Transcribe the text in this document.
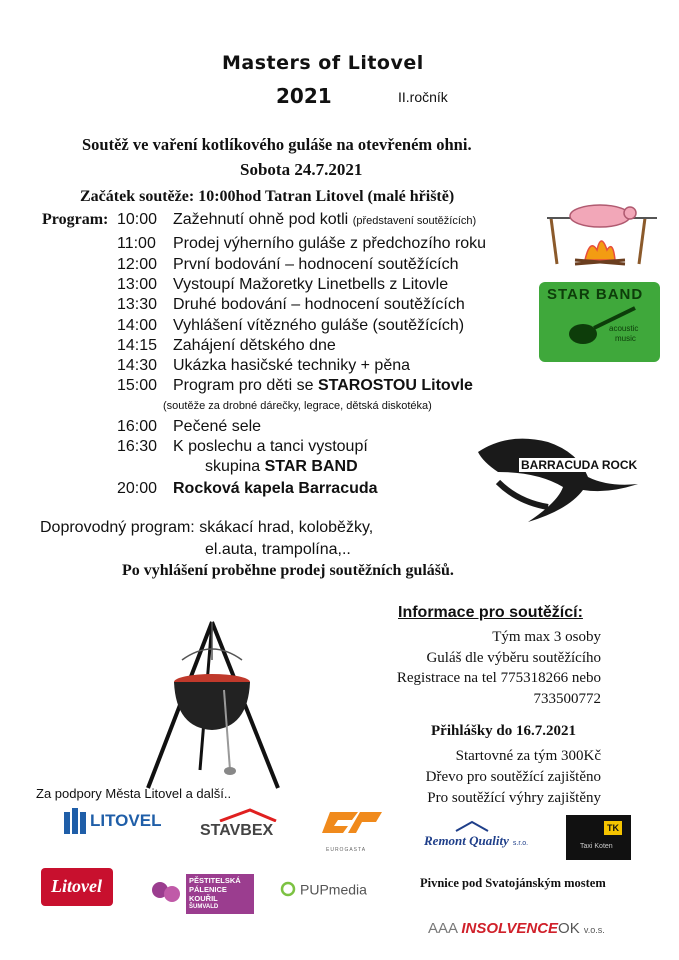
Masters of Litovel
2021	II.ročník
Soutěž ve vaření kotlíkového guláše na otevřeném ohni.
Sobota 24.7.2021
Začátek soutěže: 10:00hod Tatran Litovel (malé hřiště)
Program: 10:00 Zažehnutí ohně pod kotli (představení soutěžících)
11:00 Prodej výherního guláše z předchozího roku
12:00 První bodování – hodnocení soutěžících
13:00 Vystoupí Mažoretky Linetbells z Litovle
13:30 Druhé bodování – hodnocení soutěžících
14:00 Vyhlášení vítězného guláše (soutěžících)
14:15 Zahájení dětského dne
14:30 Ukázka hasičské techniky + pěna
15:00 Program pro děti se STAROSTOU Litovle
(soutěže za drobné dárečky, legrace, dětská diskotéka)
16:00 Pečené sele
16:30 K poslechu a tanci vystoupí
skupina STAR BAND
20:00 Rocková kapela Barracuda
Doprovodný program: skákací hrad, koloběžky,
el.auta, trampolína,..
Po vyhlášení proběhne prodej soutěžních gulášů.
Informace pro soutěžící:
Tým max 3 osoby
Guláš dle výběru soutěžícího
Registrace na tel 775318266 nebo
733500772
Přihlášky do 16.7.2021
Startovné za tým 300Kč
Dřevo pro soutěžící zajištěno
Pro soutěžící výhry zajištěny
STAR BAND
acoustic
music
BARRACUDA ROCK
Za podpory Města Litovel a další..
LITOVEL
STAVBEX
EUROGASTA
Remont Quality s.r.o.
TK
Taxi Koten
Litovel	PĚSTITELSKÁ
PÁLENICE
KOUŘIL
ŠUMVALD
PUPmedia	Pivnice pod Svatojánským mostem
AAA INSOLVENCEOK v.o.s.
